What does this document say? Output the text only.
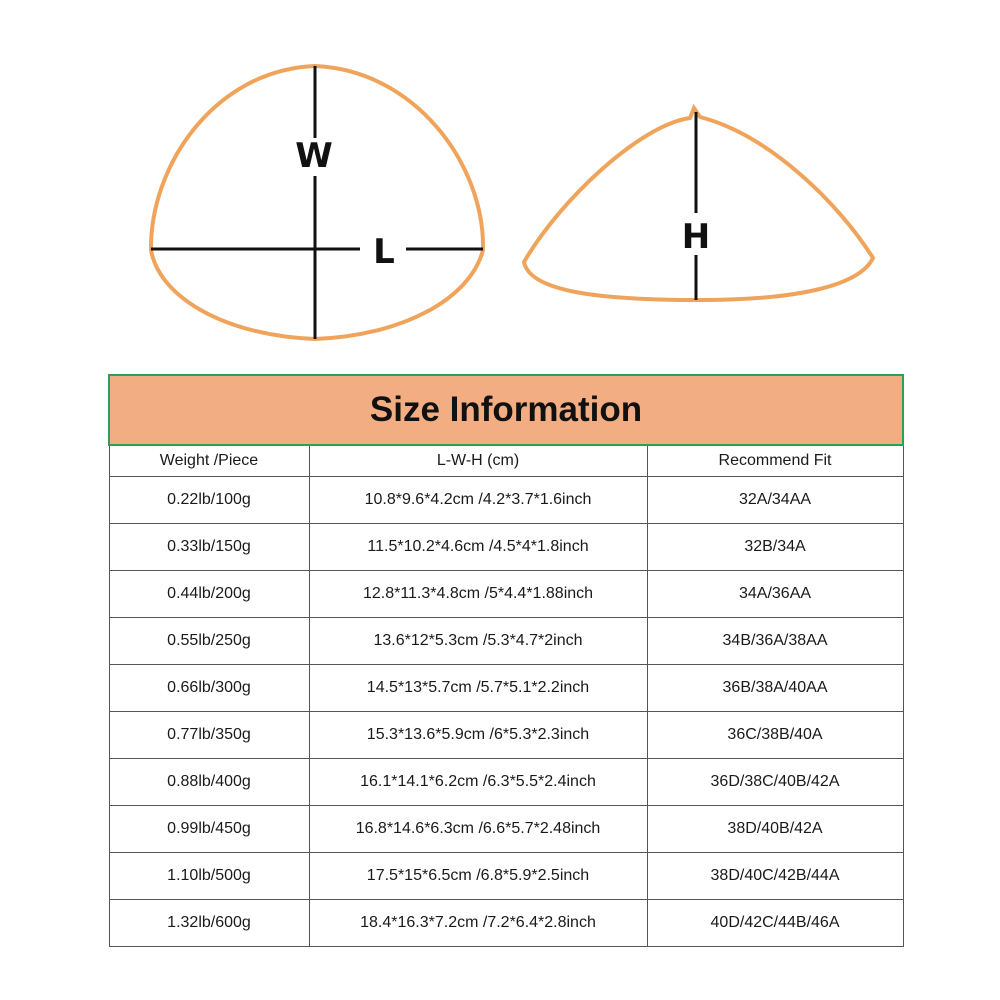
W
L	H
Size Information		
Weight /Piece	L-W-H (cm)	Recommend Fit
0.22lb/100g	10.8*9.6*4.2cm /4.2*3.7*1.6inch	32A/34AA
0.33lb/150g	11.5*10.2*4.6cm /4.5*4*1.8inch	32B/34A
0.44lb/200g	12.8*11.3*4.8cm /5*4.4*1.88inch	34A/36AA
0.55lb/250g	13.6*12*5.3cm /5.3*4.7*2inch	34B/36A/38AA
0.66lb/300g	14.5*13*5.7cm /5.7*5.1*2.2inch	36B/38A/40AA
0.77lb/350g	15.3*13.6*5.9cm /6*5.3*2.3inch	36C/38B/40A
0.88lb/400g	16.1*14.1*6.2cm /6.3*5.5*2.4inch	36D/38C/40B/42A
0.99lb/450g	16.8*14.6*6.3cm /6.6*5.7*2.48inch	38D/40B/42A
1.10lb/500g	17.5*15*6.5cm /6.8*5.9*2.5inch	38D/40C/42B/44A
1.32lb/600g	18.4*16.3*7.2cm /7.2*6.4*2.8inch	40D/42C/44B/46A
